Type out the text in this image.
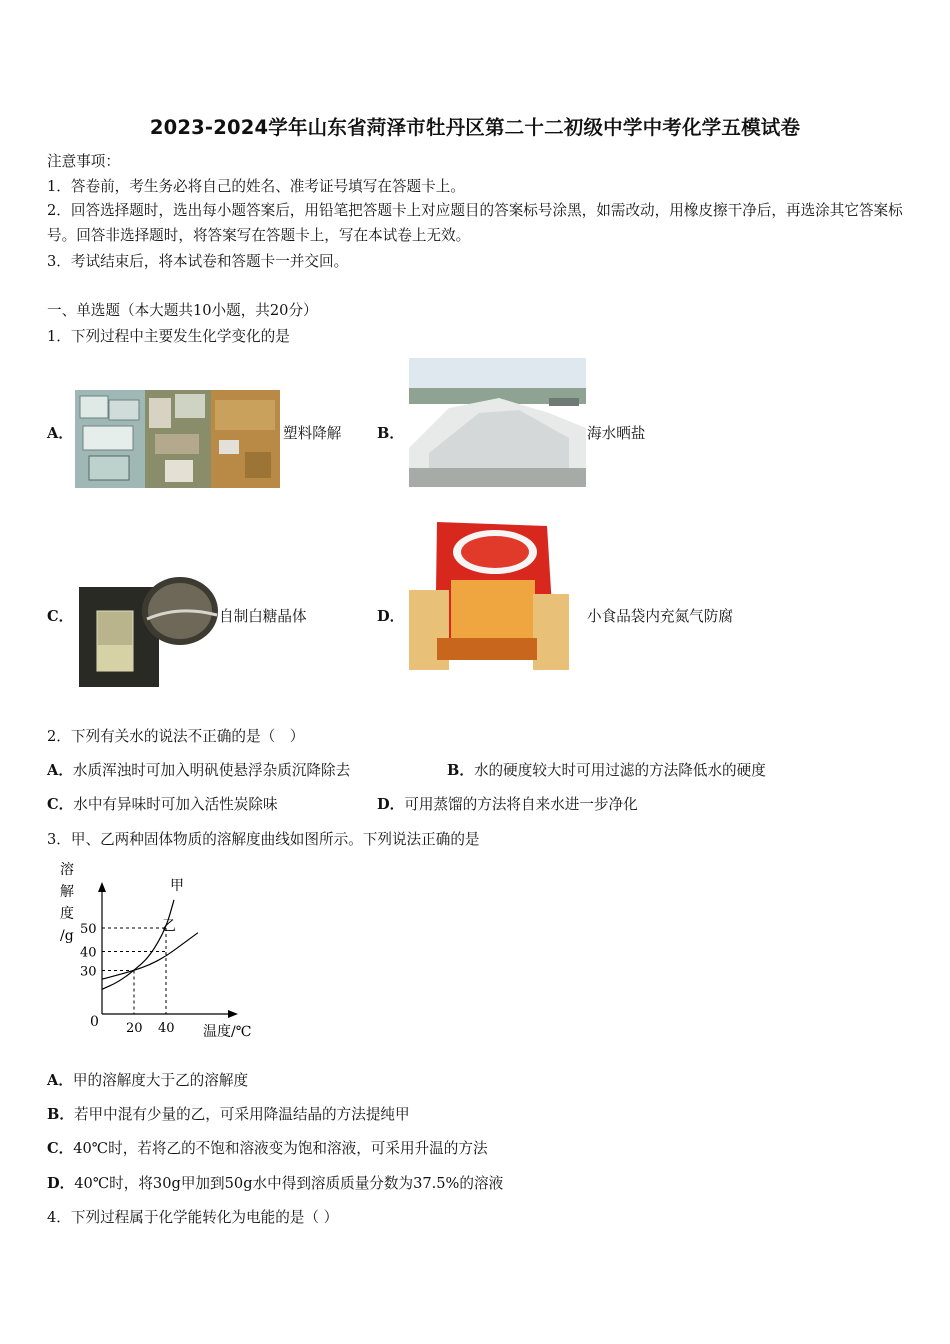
2023-2024学年山东省菏泽市牡丹区第二十二初级中学中考化学五模试卷
注意事项：
1．答卷前，考生务必将自己的姓名、准考证号填写在答题卡上。
2．回答选择题时，选出每小题答案后，用铅笔把答题卡上对应题目的答案标号涂黑，如需改动，用橡皮擦干净后，再选涂其它答案标号。回答非选择题时，将答案写在答题卡上，写在本试卷上无效。
3．考试结束后，将本试卷和答题卡一并交回。
一、单选题（本大题共10小题，共20分）
1．下列过程中主要发生化学变化的是
A．	塑料降解 B．	海水晒盐
C．	自制白糖晶体	D．	小食品袋内充氮气防腐
2．下列有关水的说法不正确的是（　）
A．水质浑浊时可加入明矾使悬浮杂质沉降除去	B．水的硬度较大时可用过滤的方法降低水的硬度
C．水中有异味时可加入活性炭除味	D．可用蒸馏的方法将自来水进一步净化
3．甲、乙两种固体物质的溶解度曲线如图所示。下列说法正确的是
溶
解
度
/g
30
40
50
20 40
甲
乙
0
温度/℃
A．甲的溶解度大于乙的溶解度
B．若甲中混有少量的乙，可采用降温结晶的方法提纯甲
C．40℃时，若将乙的不饱和溶液变为饱和溶液，可采用升温的方法
D．40℃时，将30g甲加到50g水中得到溶质质量分数为37.5%的溶液
4．下列过程属于化学能转化为电能的是（ ）
